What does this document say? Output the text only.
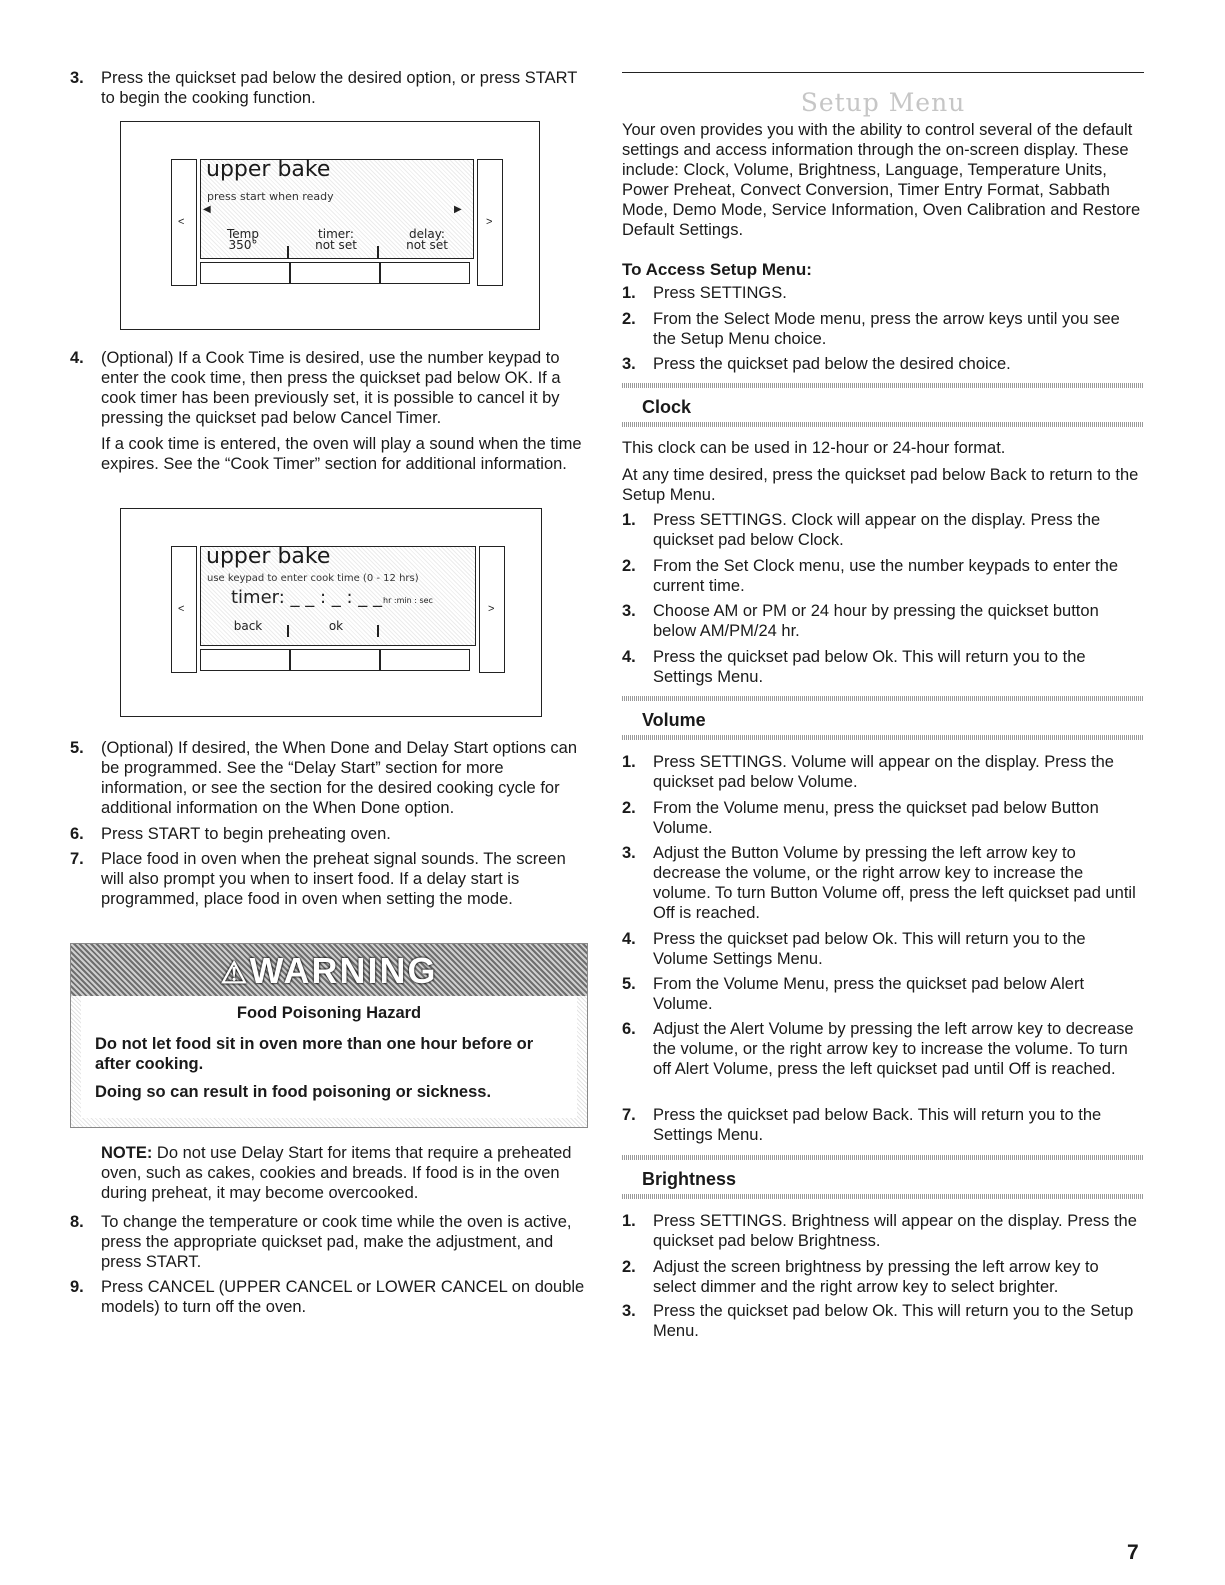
3. Press the quickset pad below the desired option, or press START to begin the cooking function.
<	>
upper bake
press start when ready
◀	▶
Temp
350°
timer:
not set
delay:
not set
4. (Optional) If a Cook Time is desired, use the number keypad to enter the cook time, then press the quickset pad below OK. If a cook timer has been previously set, it is possible to cancel it by pressing the quickset pad below Cancel Timer.
If a cook time is entered, the oven will play a sound when the time expires. See the “Cook Timer” section for additional information.
<	>
upper bake
use keypad to enter cook time (0 - 12 hrs)
timer: _ _ : _ : _ _ hr :min : sec
back	ok
5. (Optional) If desired, the When Done and Delay Start options can be programmed. See the “Delay Start” section for more information, or see the section for the desired cooking cycle for additional information on the When Done option.
6. Press START to begin preheating oven.
7. Place food in oven when the preheat signal sounds. The screen will also prompt you when to insert food. If a delay start is programmed, place food in oven when setting the mode.
⚠WARNING
Food Poisoning Hazard
Do not let food sit in oven more than one hour before or after cooking.
Doing so can result in food poisoning or sickness.
NOTE: Do not use Delay Start for items that require a preheated oven, such as cakes, cookies and breads. If food is in the oven during preheat, it may become overcooked.
8. To change the temperature or cook time while the oven is active, press the appropriate quickset pad, make the adjustment, and press START.
9. Press CANCEL (UPPER CANCEL or LOWER CANCEL on double models) to turn off the oven.
Setup Menu
Your oven provides you with the ability to control several of the default settings and access information through the on-screen display. These include: Clock, Volume, Brightness, Language, Temperature Units, Power Preheat, Convect Conversion, Timer Entry Format, Sabbath Mode, Demo Mode, Service Information, Oven Calibration and Restore Default Settings.
To Access Setup Menu:
1. Press SETTINGS.
2. From the Select Mode menu, press the arrow keys until you see the Setup Menu choice.
3. Press the quickset pad below the desired choice.
Clock
This clock can be used in 12-hour or 24-hour format.
At any time desired, press the quickset pad below Back to return to the Setup Menu.
1. Press SETTINGS. Clock will appear on the display. Press the quickset pad below Clock.
2. From the Set Clock menu, use the number keypads to enter the current time.
3. Choose AM or PM or 24 hour by pressing the quickset button below AM/PM/24 hr.
4. Press the quickset pad below Ok. This will return you to the Settings Menu.
Volume
1. Press SETTINGS. Volume will appear on the display. Press the quickset pad below Volume.
2. From the Volume menu, press the quickset pad below Button Volume.
3. Adjust the Button Volume by pressing the left arrow key to decrease the volume, or the right arrow key to increase the volume. To turn Button Volume off, press the left quickset pad until Off is reached.
4. Press the quickset pad below Ok. This will return you to the Volume Settings Menu.
5. From the Volume Menu, press the quickset pad below Alert Volume.
6. Adjust the Alert Volume by pressing the left arrow key to decrease the volume, or the right arrow key to increase the volume. To turn off Alert Volume, press the left quickset pad until Off is reached.
7. Press the quickset pad below Back. This will return you to the Settings Menu.
Brightness
1. Press SETTINGS. Brightness will appear on the display. Press the quickset pad below Brightness.
2. Adjust the screen brightness by pressing the left arrow key to select dimmer and the right arrow key to select brighter.
3. Press the quickset pad below Ok. This will return you to the Setup Menu.
7
